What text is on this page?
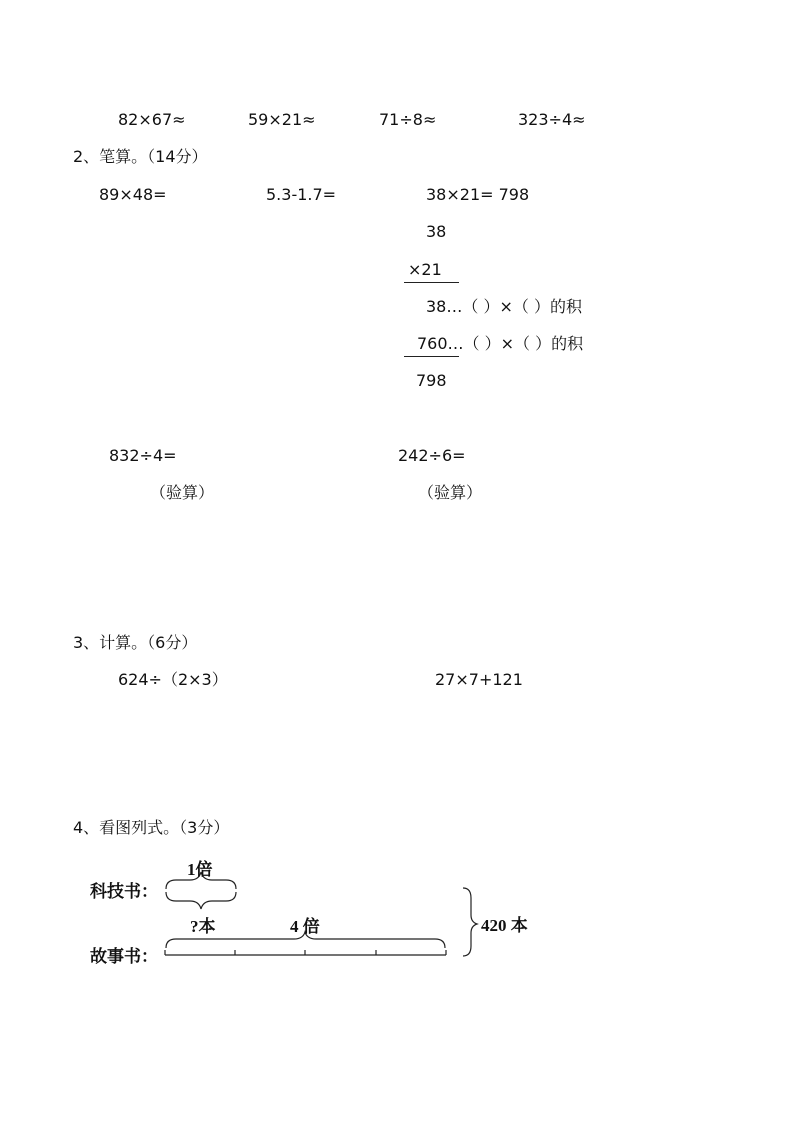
82×67≈	59×21≈	71÷8≈	323÷4≈
2、笔算。（14分）
89×48=	5.3-1.7=	38×21= 798
38
×21
38…（ ）×（ ）的积
760…（ ）×（ ）的积
798
832÷4=	242÷6=
（验算）	（验算）
3、计算。（6分）
624÷（2×3）	27×7+121
4、看图列式。（3分）
1倍
科技书：
?本	4 倍	420 本
故事书：
